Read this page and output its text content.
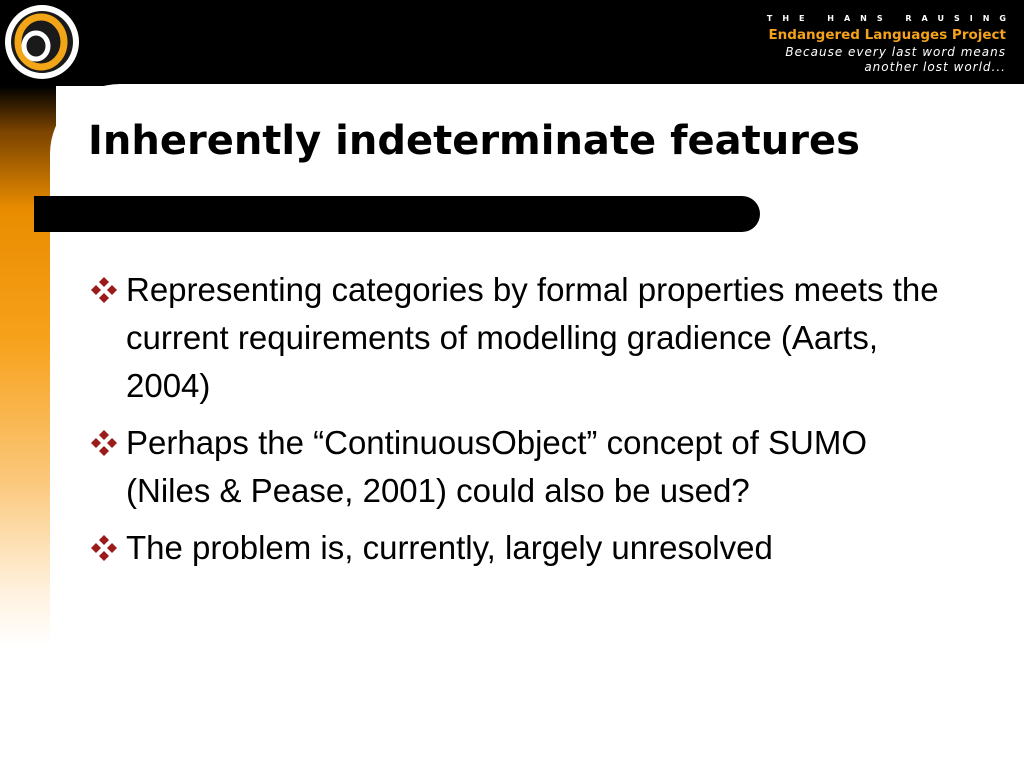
THE HANS RAUSING
Endangered Languages Project
Because every last word means
another lost world...
Inherently indeterminate features
Representing categories by formal properties meets the current requirements of modelling gradience (Aarts, 2004)
Perhaps the “ContinuousObject” concept of SUMO (Niles & Pease, 2001) could also be used?
The problem is, currently, largely unresolved
